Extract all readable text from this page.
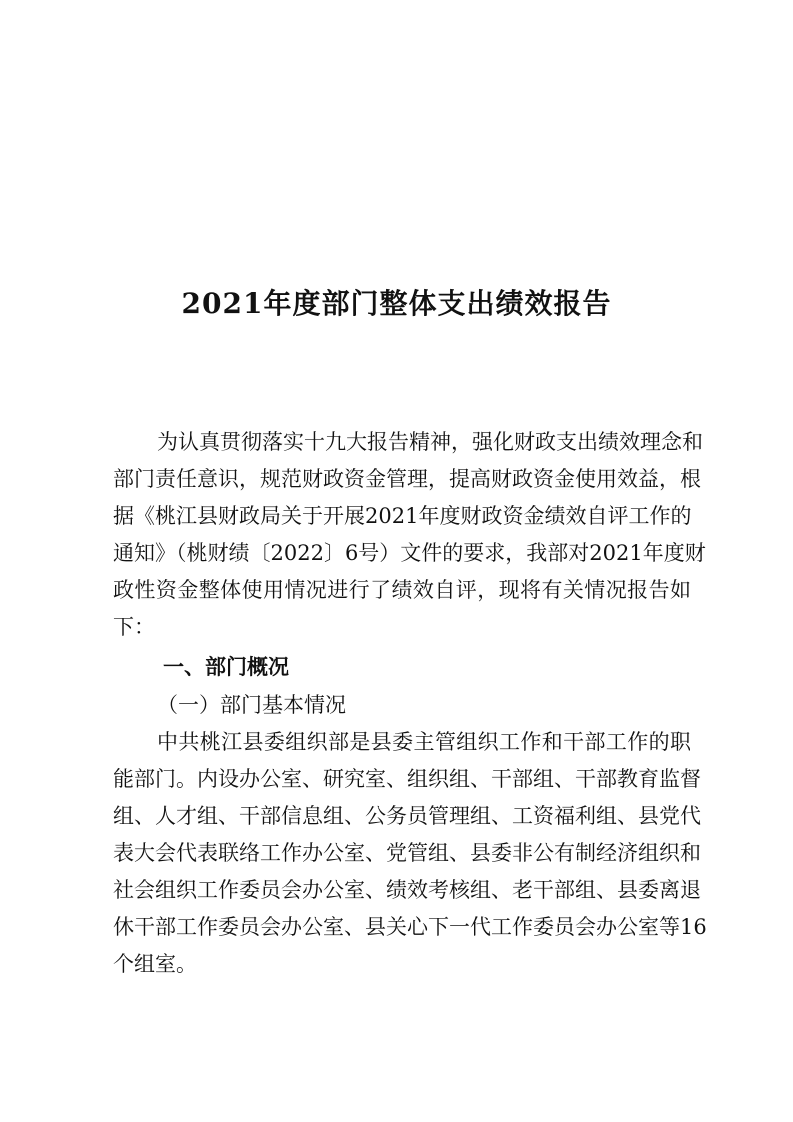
2021年度部门整体支出绩效报告
为认真贯彻落实十九大报告精神，强化财政支出绩效理念和
部门责任意识，规范财政资金管理，提高财政资金使用效益，根
据《桃江县财政局关于开展2021年度财政资金绩效自评工作的
通知》（桃财绩〔2022〕6号）文件的要求，我部对2021年度财
政性资金整体使用情况进行了绩效自评，现将有关情况报告如
下：
一、部门概况
（一）部门基本情况
中共桃江县委组织部是县委主管组织工作和干部工作的职
能部门。内设办公室、研究室、组织组、干部组、干部教育监督
组、人才组、干部信息组、公务员管理组、工资福利组、县党代
表大会代表联络工作办公室、党管组、县委非公有制经济组织和
社会组织工作委员会办公室、绩效考核组、老干部组、县委离退
休干部工作委员会办公室、县关心下一代工作委员会办公室等16
个组室。
